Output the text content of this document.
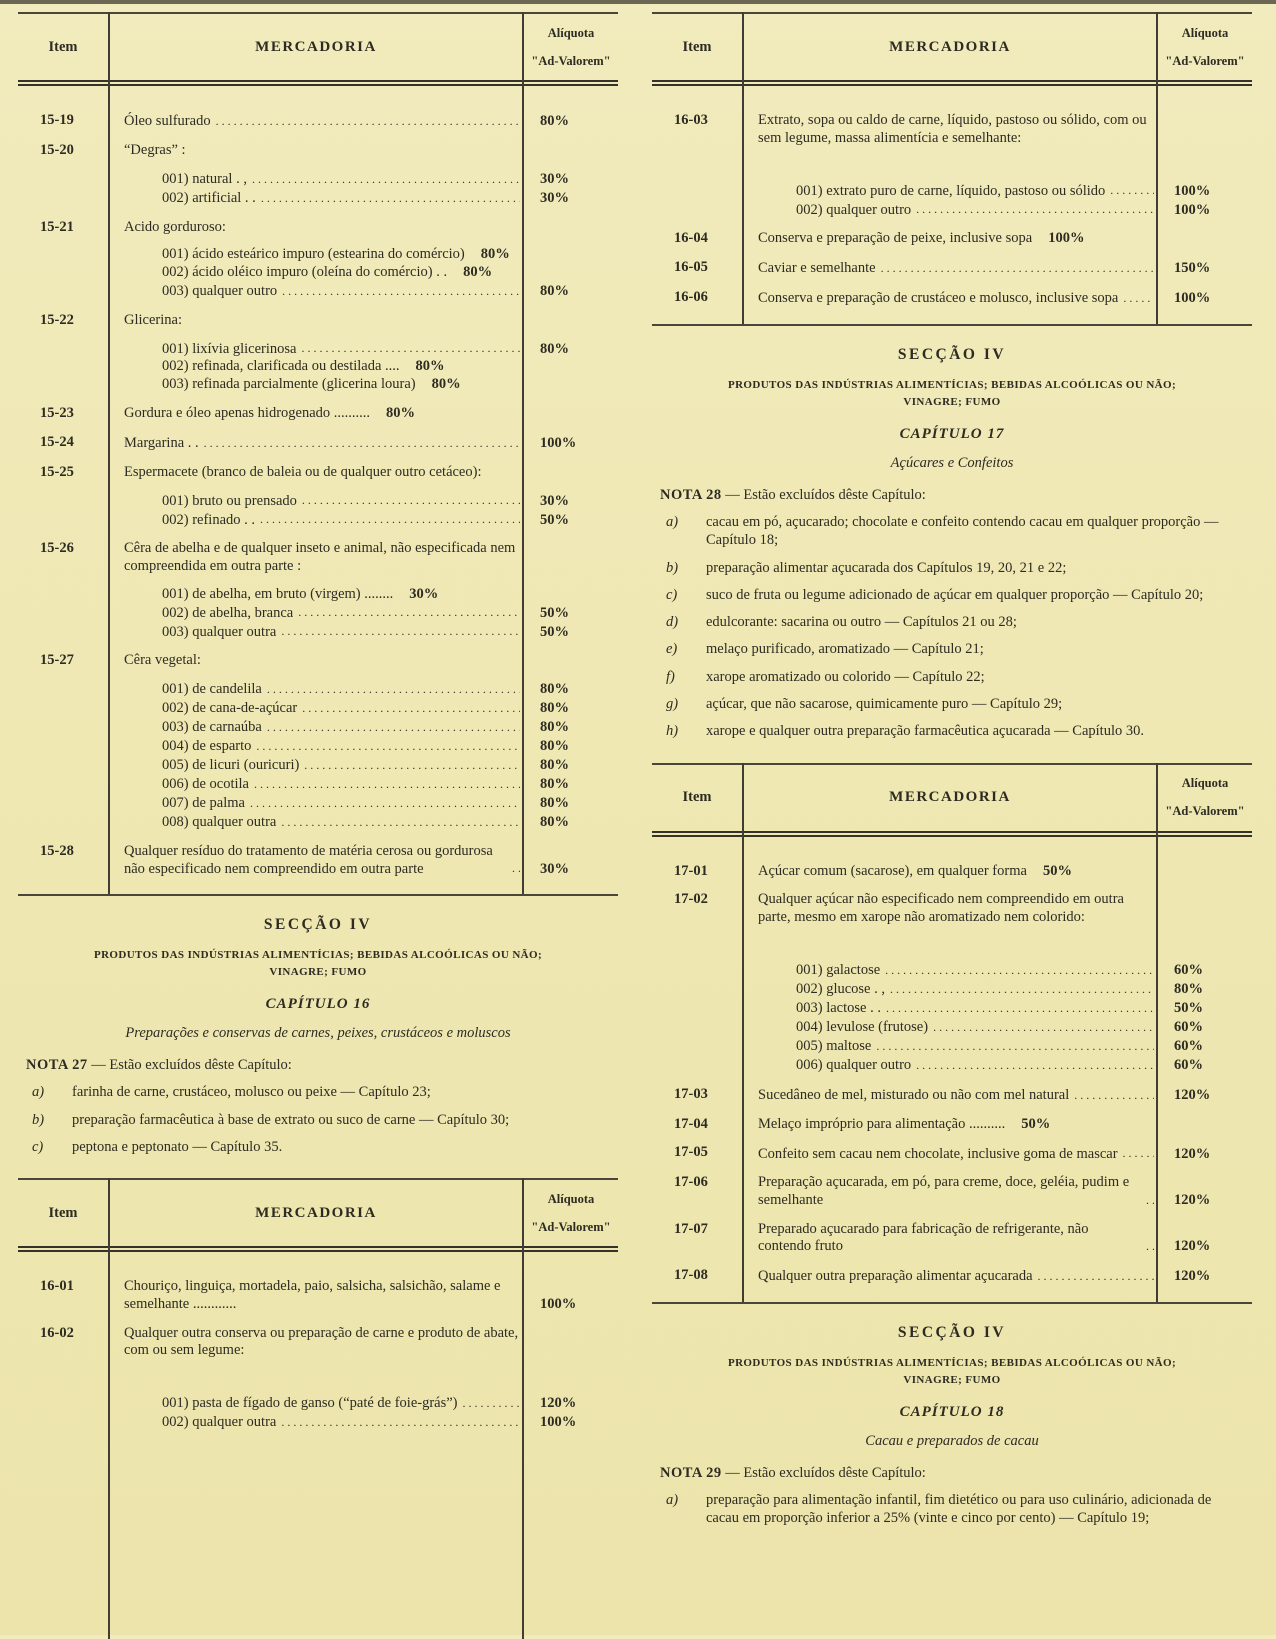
Item	MERCADORIA
Alíquota
"Ad-Valorem"
15-19	Óleo sulfurado .....	80%
15-20	“Degras” :
001) natural . , .....	30%
002) artificial . . .....	30%
15-21	Acido gorduroso:
001) ácido esteárico impuro (estearina do comércio)	80%
002) ácido oléico impuro (oleína do comércio) . .	80%
003) qualquer outro .....	80%
15-22	Glicerina:
001) lixívia glicerinosa .....	80%
002) refinada, clarificada ou destilada ....	80%
003) refinada parcialmente (glicerina loura)	80%
15-23	Gordura e óleo apenas hidrogenado ..........	80%
15-24	Margarina . . .....	100%
15-25	Espermacete (branco de baleia ou de qualquer outro cetáceo):
001) bruto ou prensado .....	30%
002) refinado . . .....	50%
15-26	Cêra de abelha e de qualquer inseto e animal, não especificada nem compreendida em outra parte :
001) de abelha, em bruto (virgem) ........	30%
002) de abelha, branca .....	50%
003) qualquer outra .....	50%
15-27	Cêra vegetal:
001) de candelila .....	80%
002) de cana-de-açúcar .....	80%
003) de carnaúba .....	80%
004) de esparto .....	80%
005) de licuri (ouricuri) .....	80%
006) de ocotila .....	80%
007) de palma .....	80%
008) qualquer outra .....	80%
15-28	Qualquer resíduo do tratamento de matéria cerosa ou gordurosa não especificado nem compreendido em outra parte .....	30%
SECÇÃO IV
PRODUTOS DAS INDÚSTRIAS ALIMENTÍCIAS; BEBIDAS ALCOÓLICAS OU NÃO;
VINAGRE; FUMO
CAPÍTULO 16
Preparações e conservas de carnes, peixes, crustáceos e moluscos
NOTA 27 — Estão excluídos dêste Capítulo:
a) farinha de carne, crustáceo, molusco ou peixe — Capítulo 23;
b) preparação farmacêutica à base de extrato ou suco de carne — Capítulo 30;
c) peptona e peptonato — Capítulo 35.
Item	MERCADORIA
Alíquota
"Ad-Valorem"
16-01	Chouriço, linguiça, mortadela, paio, salsicha, salsichão, salame e semelhante ............	100%
16-02	Qualquer outra conserva ou preparação de carne e produto de abate, com ou sem legume:
001) pasta de fígado de ganso (“paté de foie-grás”) .....	120%
002) qualquer outra .....	100%
Item	MERCADORIA
Alíquota
"Ad-Valorem"
16-03	Extrato, sopa ou caldo de carne, líquido, pastoso ou sólido, com ou sem legume, massa alimentícia e semelhante:
001) extrato puro de carne, líquido, pastoso ou sólido .....	100%
002) qualquer outro .....	100%
16-04	Conserva e preparação de peixe, inclusive sopa	100%
16-05	Caviar e semelhante .....	150%
16-06	Conserva e preparação de crustáceo e molusco, inclusive sopa .....	100%
SECÇÃO IV
PRODUTOS DAS INDÚSTRIAS ALIMENTÍCIAS; BEBIDAS ALCOÓLICAS OU NÃO;
VINAGRE; FUMO
CAPÍTULO 17
Açúcares e Confeitos
NOTA 28 — Estão excluídos dêste Capítulo:
a) cacau em pó, açucarado; chocolate e confeito contendo cacau em qualquer proporção — Capítulo 18;
b) preparação alimentar açucarada dos Capítulos 19, 20, 21 e 22;
c) suco de fruta ou legume adicionado de açúcar em qualquer proporção — Capítulo 20;
d) edulcorante: sacarina ou outro — Capítulos 21 ou 28;
e) melaço purificado, aromatizado — Capítulo 21;
f) xarope aromatizado ou colorido — Capítulo 22;
g) açúcar, que não sacarose, quimicamente puro — Capítulo 29;
h) xarope e qualquer outra preparação farmacêutica açucarada — Capítulo 30.
Item	MERCADORIA
Alíquota
"Ad-Valorem"
17-01	Açúcar comum (sacarose), em qualquer forma	50%
17-02	Qualquer açúcar não especificado nem compreendido em outra parte, mesmo em xarope não aromatizado nem colorido:
001) galactose .....	60%
002) glucose . , .....	80%
003) lactose . . .....	50%
004) levulose (frutose) .....	60%
005) maltose .....	60%
006) qualquer outro .....	60%
17-03	Sucedâneo de mel, misturado ou não com mel natural .....	120%
17-04	Melaço impróprio para alimentação ..........	50%
17-05	Confeito sem cacau nem chocolate, inclusive goma de mascar .....	120%
17-06	Preparação açucarada, em pó, para creme, doce, geléia, pudim e semelhante .....	120%
17-07	Preparado açucarado para fabricação de refrigerante, não contendo fruto .....	120%
17-08	Qualquer outra preparação alimentar açucarada .....	120%
SECÇÃO IV
PRODUTOS DAS INDÚSTRIAS ALIMENTÍCIAS; BEBIDAS ALCOÓLICAS OU NÃO;
VINAGRE; FUMO
CAPÍTULO 18
Cacau e preparados de cacau
NOTA 29 — Estão excluídos dêste Capítulo:
a) preparação para alimentação infantil, fim dietético ou para uso culinário, adicionada de cacau em proporção inferior a 25% (vinte e cinco por cento) — Capítulo 19;
